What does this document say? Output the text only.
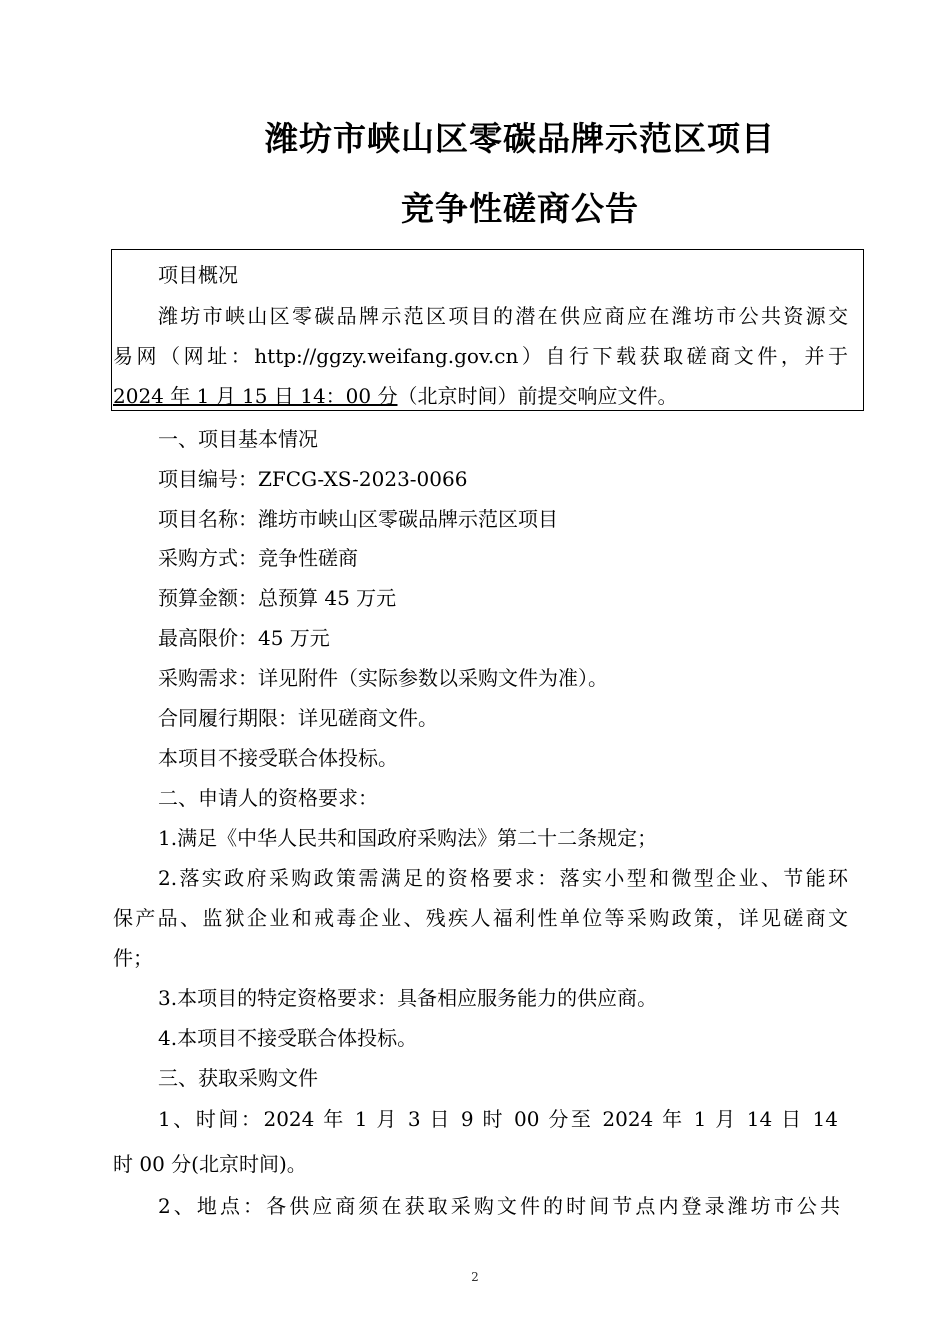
潍坊市峡山区零碳品牌示范区项目
竞争性磋商公告
项目概况
潍坊市峡山区零碳品牌示范区项目的潜在供应商应在潍坊市公共资源交
易网（网址：http://ggzy.weifang.gov.cn）自行下载获取磋商文件，并于
2024 年 1 月 15 日 14：00 分（北京时间）前提交响应文件。
一、项目基本情况
项目编号：ZFCG-XS-2023-0066
项目名称：潍坊市峡山区零碳品牌示范区项目
采购方式：竞争性磋商
预算金额：总预算 45 万元
最高限价：45 万元
采购需求：详见附件（实际参数以采购文件为准）。
合同履行期限：详见磋商文件。
本项目不接受联合体投标。
二、申请人的资格要求：
1.满足《中华人民共和国政府采购法》第二十二条规定；
2.落实政府采购政策需满足的资格要求：落实小型和微型企业、节能环
保产品、监狱企业和戒毒企业、残疾人福利性单位等采购政策，详见磋商文
件；
3.本项目的特定资格要求：具备相应服务能力的供应商。
4.本项目不接受联合体投标。
三、获取采购文件
1、时间：2024 年 1 月 3 日 9 时 00 分至 2024 年 1 月 14 日 14
时 00 分(北京时间)。
2、地点：各供应商须在获取采购文件的时间节点内登录潍坊市公共
2
